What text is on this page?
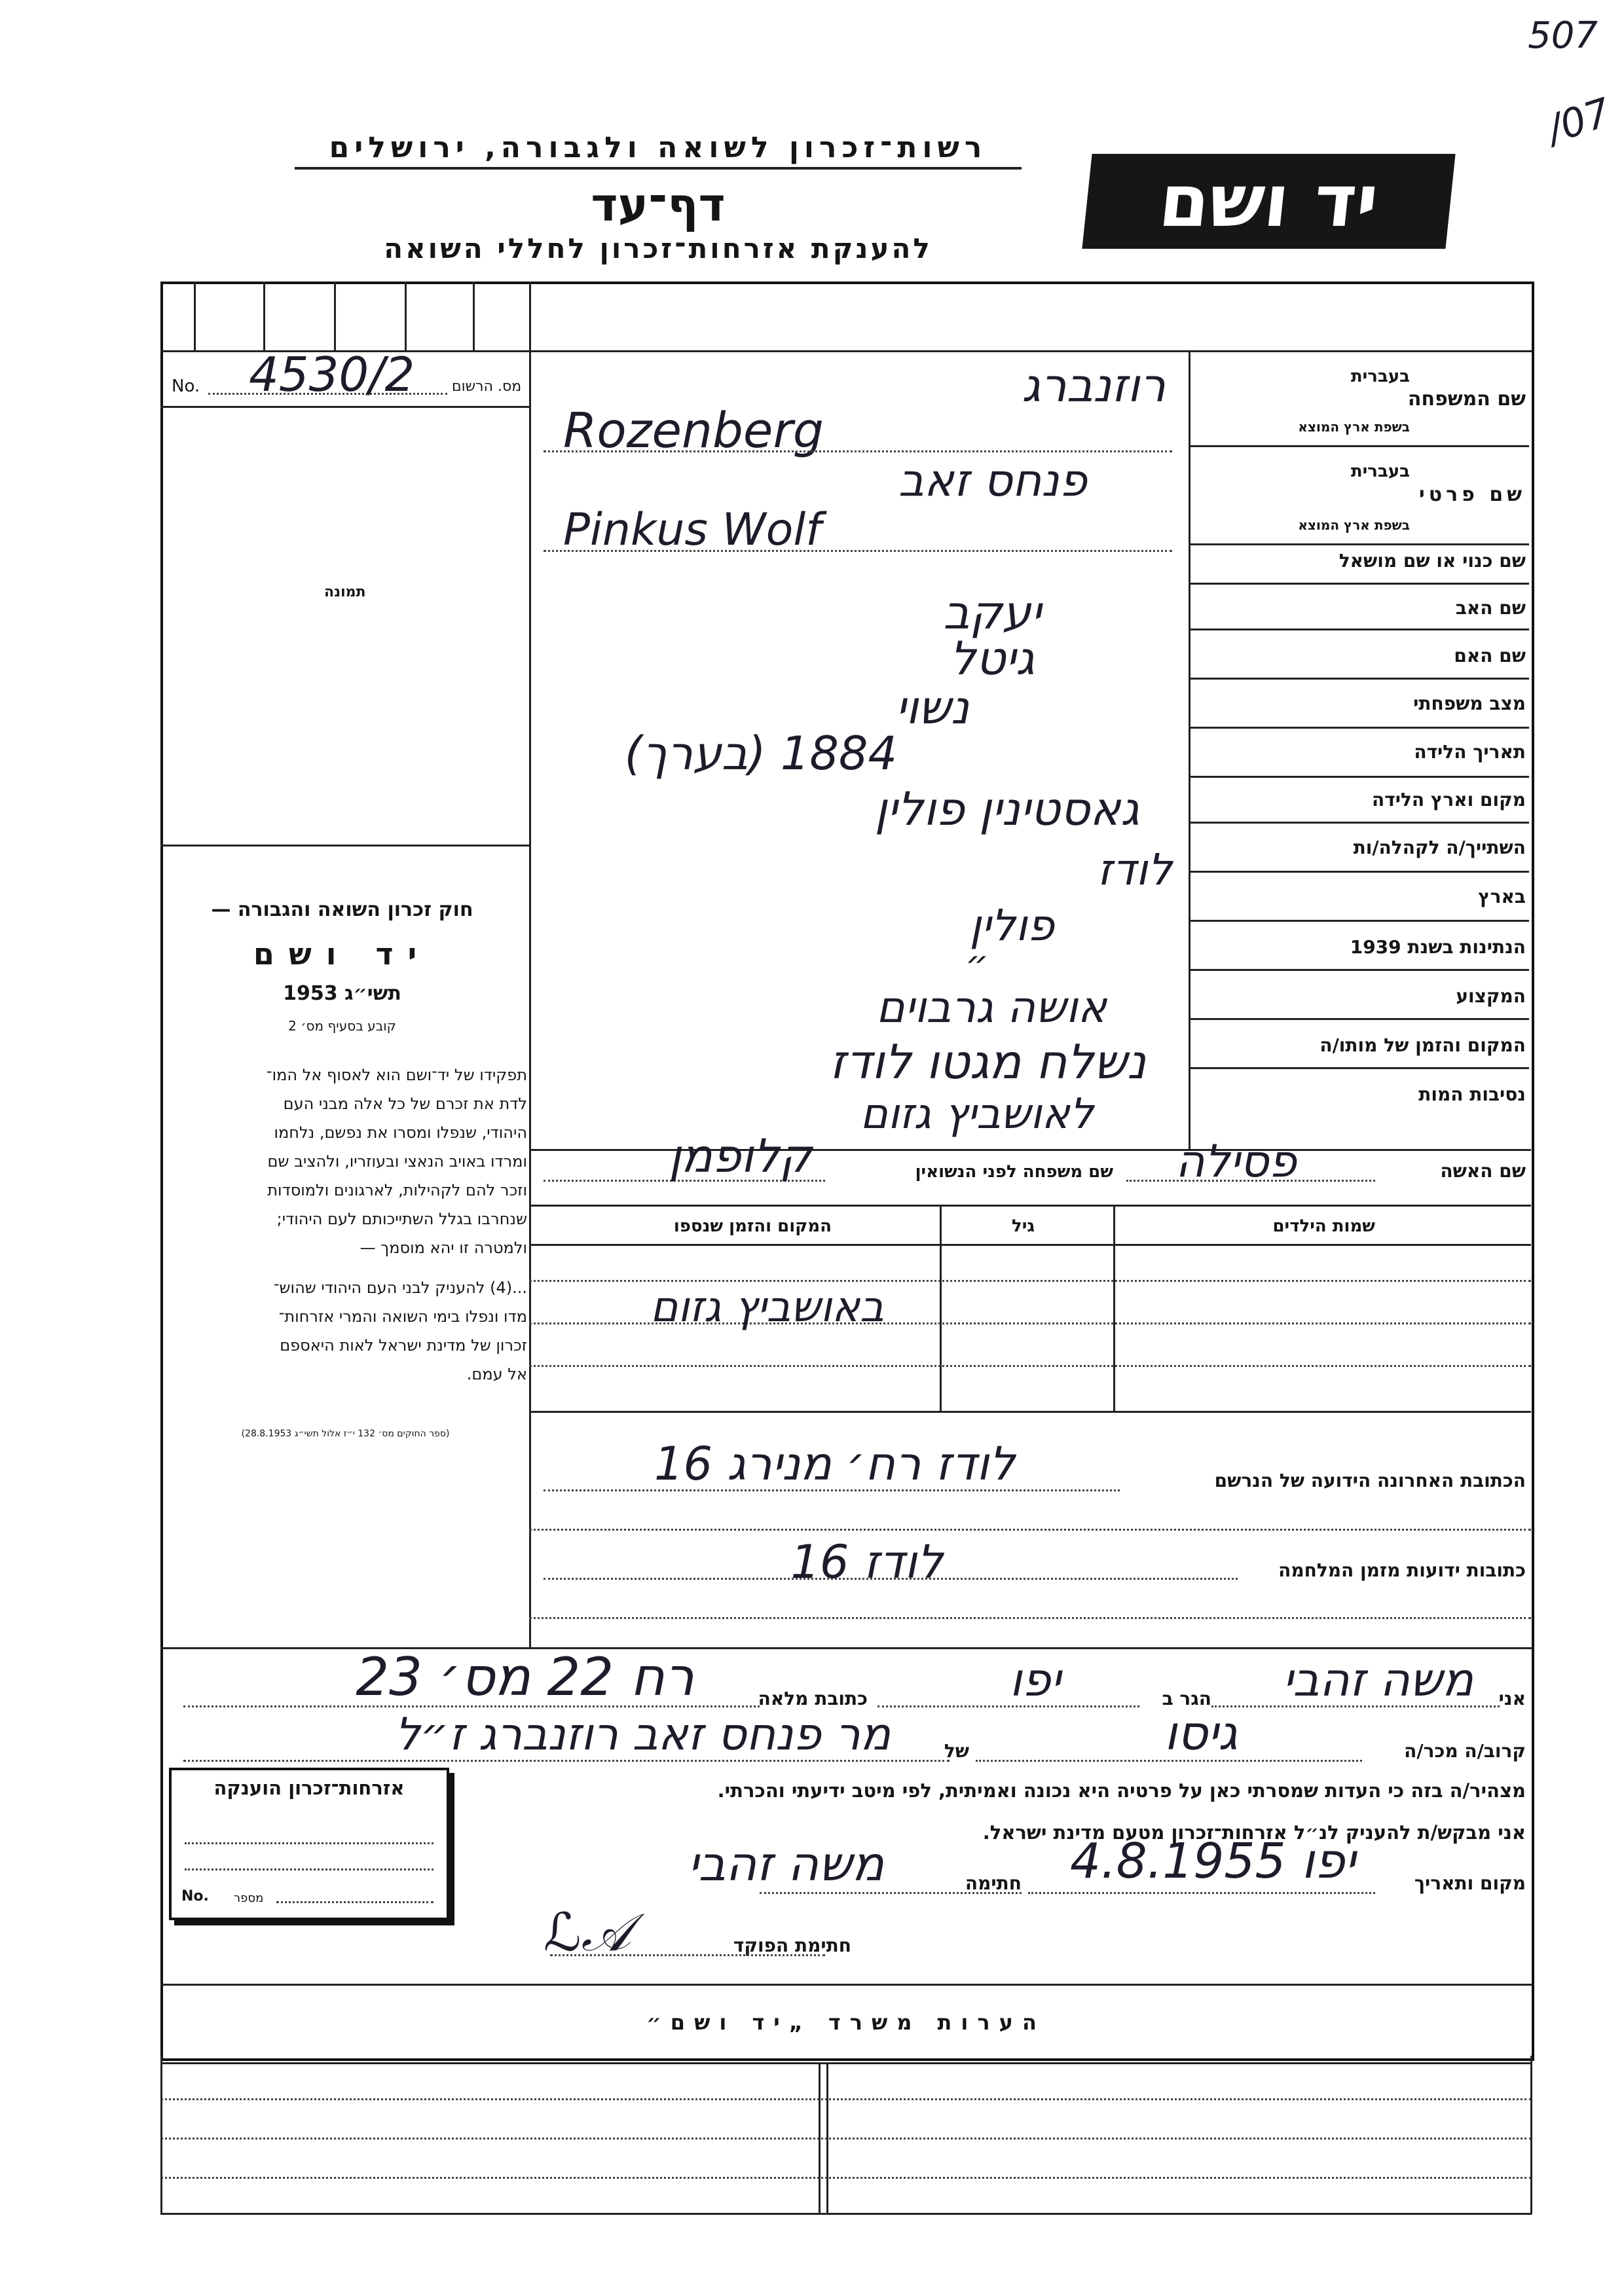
507
/07
רשות־זכרון לשואה ולגבורה, ירושלים
דף־עד
להענקת אזרחות־זכרון לחללי השואה
יד ושם
מס. הרשום
No. 4530/2
תמונה
חוק זכרון השואה והגבורה —
יד ושם
תשי״ג 1953
קובע בסעיף מס׳ 2
תפקידו של יד־ושם הוא לאסוף אל המו־
לדת את זכרם של כל אלה מבני העם
היהודי, שנפלו ומסרו את נפשם, נלחמו
ומרדו באויב הנאצי ובעוזריו, ולהציב שם
וזכר להם לקהילות, לארגונים ולמוסדות
שנחרבו בגלל השתייכותם לעם היהודי;
ולמטרה זו יהא מוסמך —
...(4) להעניק לבני העם היהודי שהוש־
מדו ונפלו בימי השואה והמרי אזרחות־
זכרון של מדינת ישראל לאות היאספם
אל עמם.
(ספר החוקים מס׳ 132 י״ז אלול תשי״ג 28.8.1953)
שם המשפחה
בעברית
בשפת ארץ המוצא
שם פרטי
בעברית
בשפת ארץ המוצא
שם כנוי או שם מושאל
שם האב
שם האם
מצב משפחתי
תאריך הלידה
מקום וארץ הלידה
השתייך/ה לקהלה/ות
בארץ
הנתינות בשנת 1939
המקצוע
המקום והזמן של מותו/ה
נסיבות המות
רוזנברג
Rozenberg
פנחס זאב
Pinkus Wolf
יעקב
גיטל
נשוי
1884 (בערך)
גאסטינין פולין
לודז
פולין
״
אושה גרבוים
נשלח מגטו לודז
לאושביץ גזום
שם האשה
פסילה
שם משפחה לפני הנשואין
קלופמן
שמות הילדים
גיל
המקום והזמן שנספו
באושביץ גזום
הכתובת האחרונה הידועה של הנרשם
לודז רח׳ מנירג 16
כתובות ידועות מזמן המלחמה
לודז 16
אני
משה זהבי
הגר ב
יפו
כתובת מלאה
רח 22 מס׳ 23
קרוב/ה מכר/ה
גיסו
של
מר פנחס זאב רוזנברג ז״ל
מצהיר/ה בזה כי העדות שמסרתי כאן על פרטיה היא נכונה ואמיתית, לפי מיטב ידיעתי והכרתי.
אני מבקש/ת להעניק לנ״ל אזרחות־זכרון מטעם מדינת ישראל.
מקום ותאריך
יפו 4.8.1955
חתימה
משה זהבי
ℒ𝒜	חתימת הפוקד
אזרחות־זכרון הוענקה
No. מספר
הערות משרד „יד ושם״
